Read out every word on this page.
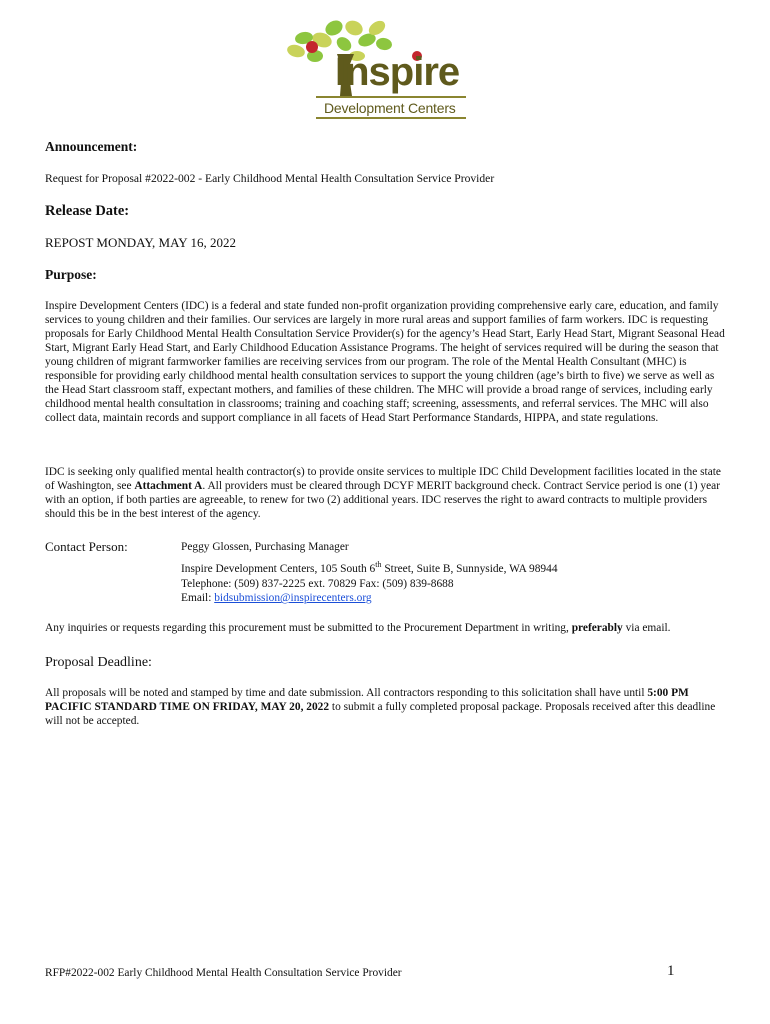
Inspire
Development Centers
Announcement:
Request for Proposal #2022-002 - Early Childhood Mental Health Consultation Service Provider
Release Date:
REPOST MONDAY, MAY 16, 2022
Purpose:

Inspire Development Centers (IDC) is a federal and state funded non-profit organization providing comprehensive early care, education, and family services to young children and their families. Our services are largely in more rural areas and support families of farm workers. IDC is requesting proposals for Early Childhood Mental Health Consultation Service Provider(s) for the agency’s Head Start, Early Head Start, Migrant Seasonal Head Start, Migrant Early Head Start, and Early Childhood Education Assistance Programs. The height of services required will be during the season that young children of migrant farmworker families are receiving services from our program. The role of the Mental Health Consultant (MHC) is responsible for providing early childhood mental health consultation services to support the young children (age’s birth to five) we serve as well as the Head Start classroom staff, expectant mothers, and families of these children. The MHC will provide a broad range of services, including early childhood mental health consultation in classrooms; training and coaching staff; screening, assessments, and referral services. The MHC will also collect data, maintain records and support compliance in all facets of Head Start Performance Standards, HIPPA, and state regulations.

IDC is seeking only qualified mental health contractor(s) to provide onsite services to multiple IDC Child Development facilities located in the state of Washington, see Attachment A. All providers must be cleared through DCYF MERIT background check. Contract Service period is one (1) year with an option, if both parties are agreeable, to renew for two (2) additional years. IDC reserves the right to award contracts to multiple providers should this be in the best interest of the agency.

Contact Person:	Peggy Glossen, Purchasing Manager
Inspire Development Centers, 105 South 6th Street, Suite B, Sunnyside, WA 98944
Telephone: (509) 837-2225 ext. 70829 Fax: (509) 839-8688
Email: bidsubmission@inspirecenters.org
Any inquiries or requests regarding this procurement must be submitted to the Procurement Department in writing, preferably via email.
Proposal Deadline:

All proposals will be noted and stamped by time and date submission. All contractors responding to this solicitation shall have until 5:00 PM PACIFIC STANDARD TIME ON FRIDAY, MAY 20, 2022 to submit a fully completed proposal package. Proposals received after this deadline will not be accepted.

RFP#2022-002 Early Childhood Mental Health Consultation Service Provider	1
